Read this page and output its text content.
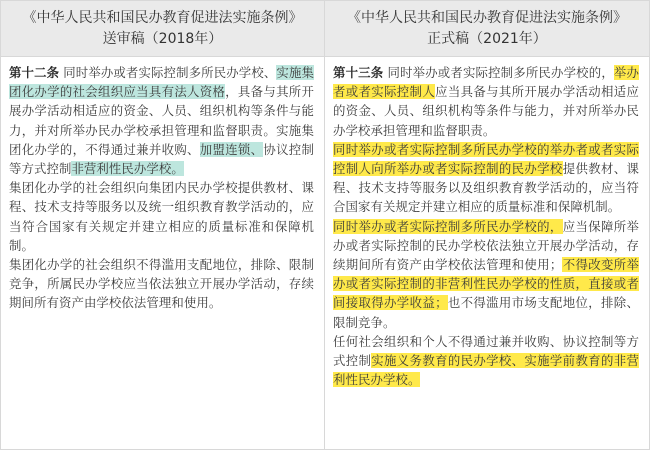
《中华人民共和国民办教育促进法实施条例》
送审稿（2018年）

第十二条 同时举办或者实际控制多所民办学校、实施集团化办学的社会组织应当具有法人资格，具备与其所开展办学活动相适应的资金、人员、组织机构等条件与能力，并对所举办民办学校承担管理和监督职责。实施集团化办学的，不得通过兼并收购、加盟连锁、协议控制等方式控制非营利性民办学校。

集团化办学的社会组织向集团内民办学校提供教材、课程、技术支持等服务以及统一组织教育教学活动的，应当符合国家有关规定并建立相应的质量标准和保障机制。

集团化办学的社会组织不得滥用支配地位，排除、限制竞争，所属民办学校应当依法独立开展办学活动，存续期间所有资产由学校依法管理和使用。

《中华人民共和国民办教育促进法实施条例》
正式稿（2021年）

第十三条 同时举办或者实际控制多所民办学校的，举办者或者实际控制人应当具备与其所开展办学活动相适应的资金、人员、组织机构等条件与能力，并对所举办民办学校承担管理和监督职责。

同时举办或者实际控制多所民办学校的举办者或者实际控制人向所举办或者实际控制的民办学校提供教材、课程、技术支持等服务以及组织教育教学活动的，应当符合国家有关规定并建立相应的质量标准和保障机制。

同时举办或者实际控制多所民办学校的，应当保障所举办或者实际控制的民办学校依法独立开展办学活动，存续期间所有资产由学校依法管理和使用；不得改变所举办或者实际控制的非营利性民办学校的性质，直接或者间接取得办学收益；也不得滥用市场支配地位，排除、限制竞争。

任何社会组织和个人不得通过兼并收购、协议控制等方式控制实施义务教育的民办学校、实施学前教育的非营利性民办学校。
